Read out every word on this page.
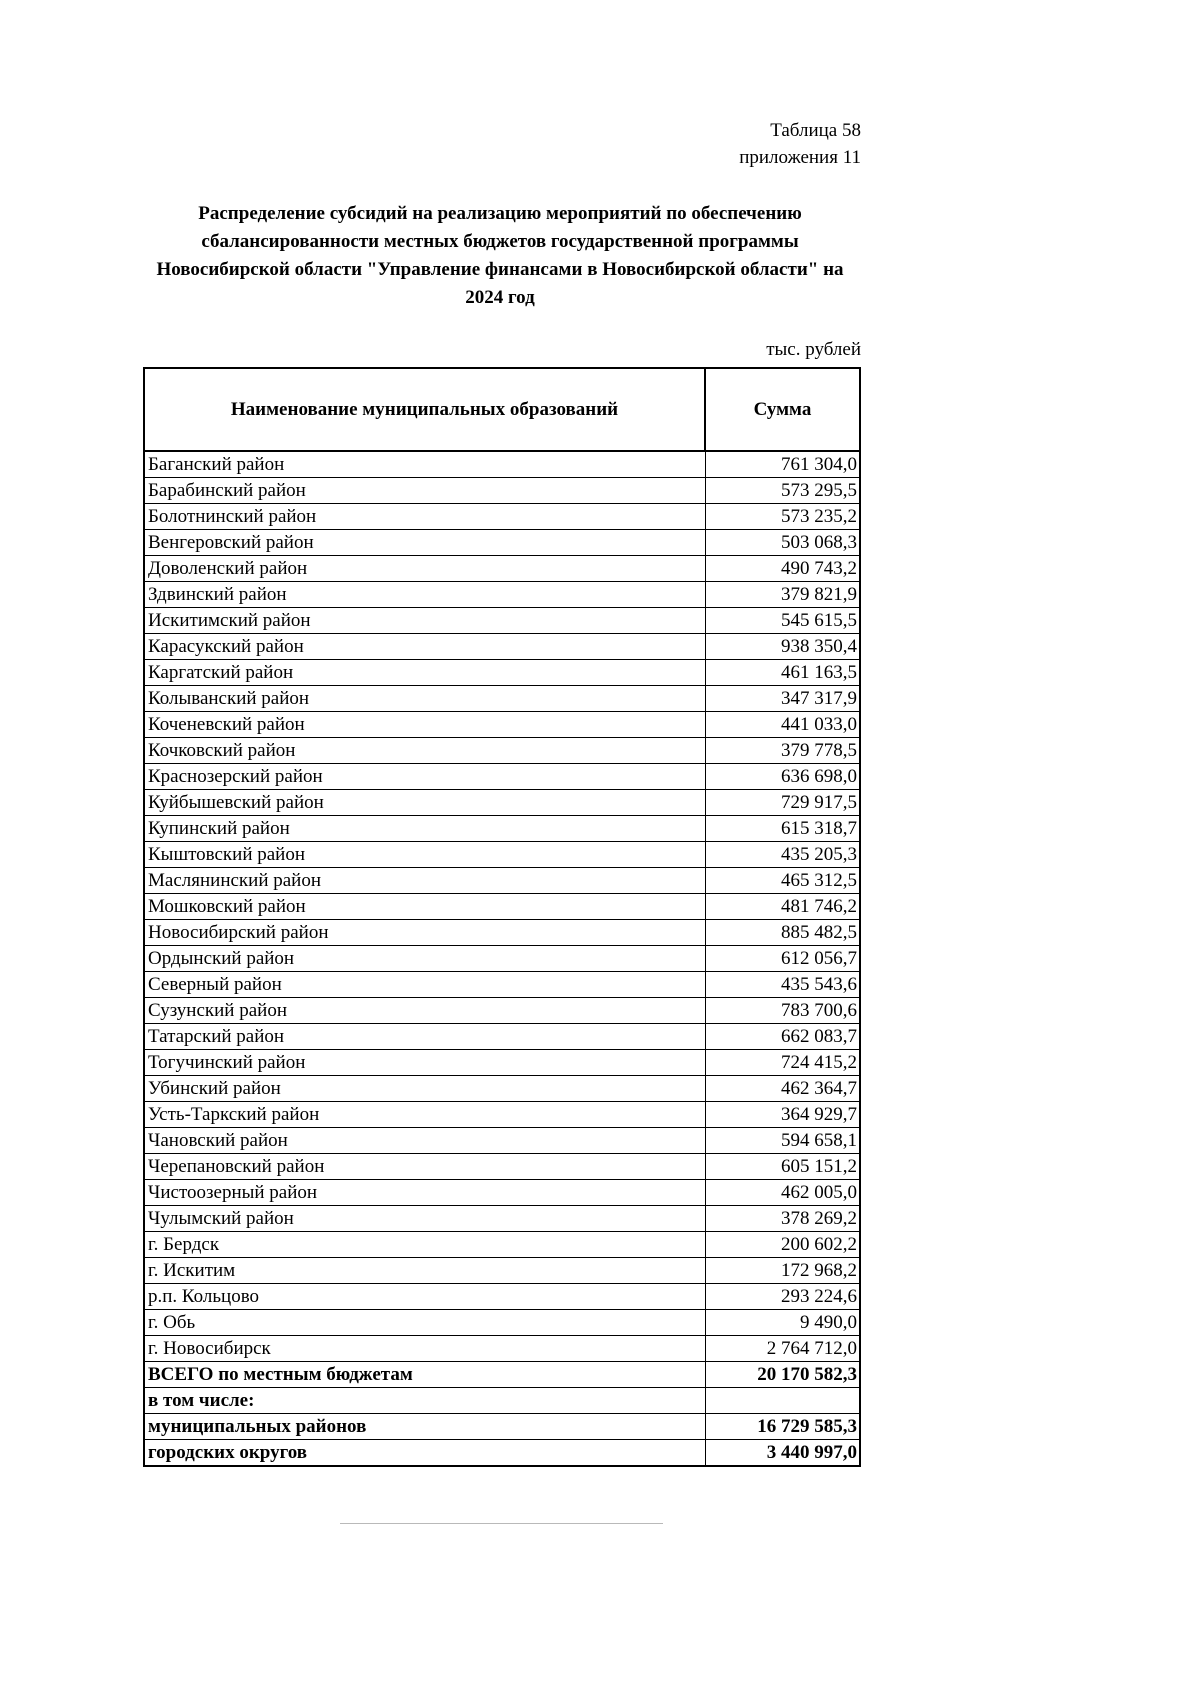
Таблица 58
приложения 11
Распределение субсидий на реализацию мероприятий по обеспечению сбалансированности местных бюджетов государственной программы Новосибирской области "Управление финансами в Новосибирской области" на 2024 год
тыс. рублей
Наименование муниципальных образований	Сумма
Баганский район	761 304,0
Барабинский район	573 295,5
Болотнинский район	573 235,2
Венгеровский район	503 068,3
Доволенский район	490 743,2
Здвинский район	379 821,9
Искитимский район	545 615,5
Карасукский район	938 350,4
Каргатский район	461 163,5
Колыванский район	347 317,9
Коченевский район	441 033,0
Кочковский район	379 778,5
Краснозерский район	636 698,0
Куйбышевский район	729 917,5
Купинский район	615 318,7
Кыштовский район	435 205,3
Маслянинский район	465 312,5
Мошковский район	481 746,2
Новосибирский район	885 482,5
Ордынский район	612 056,7
Северный район	435 543,6
Сузунский район	783 700,6
Татарский район	662 083,7
Тогучинский район	724 415,2
Убинский район	462 364,7
Усть-Таркский район	364 929,7
Чановский район	594 658,1
Черепановский район	605 151,2
Чистоозерный район	462 005,0
Чулымский район	378 269,2
г. Бердск	200 602,2
г. Искитим	172 968,2
р.п. Кольцово	293 224,6
г. Обь	9 490,0
г. Новосибирск	2 764 712,0
ВСЕГО по местным бюджетам	20 170 582,3
в том числе:	
муниципальных районов	16 729 585,3
городских округов	3 440 997,0
